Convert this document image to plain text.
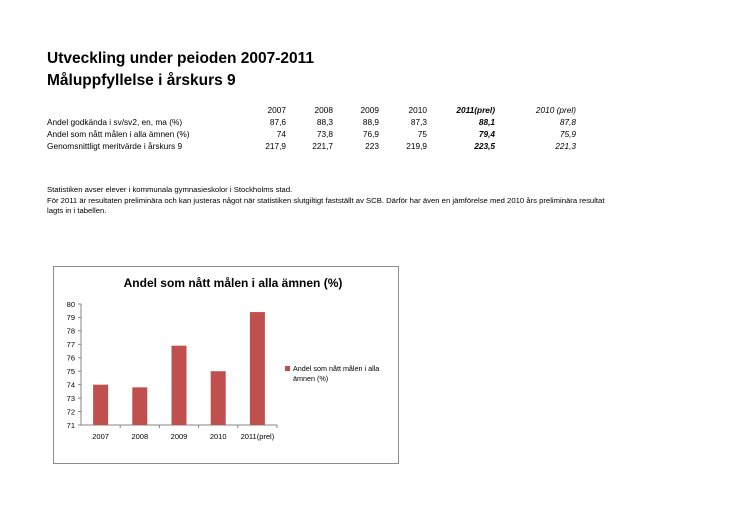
Utveckling under peioden 2007-2011
Måluppfyllelse i årskurs 9
	2007	2008	2009	2010	2011(prel)	2010 (prel)
Andel godkända i sv/sv2, en, ma (%)	87,6	88,3	88,9	87,3	88,1	87,8
Andel som nått målen i alla ämnen (%)	74	73,8	76,9	75	79,4	75,9
Genomsnittligt meritvärde i årskurs 9	217,9	221,7	223	219,9	223,5	221,3

Statistiken avser elever i kommunala gymnasieskolor i Stockholms stad.

För 2011 är resultaten preliminära och kan justeras något när statistiken slutgiltigt fastställt av SCB. Därför har även en jämförelse med 2010 års preliminära resultat lagts in i tabellen.

Andel som nått målen i alla ämnen (%)
71
72
73
74
75
76
77
78
79
80
2007	2008	2009	2010 2011(prel)
Andel som nått målen i alla
ämnen (%)
